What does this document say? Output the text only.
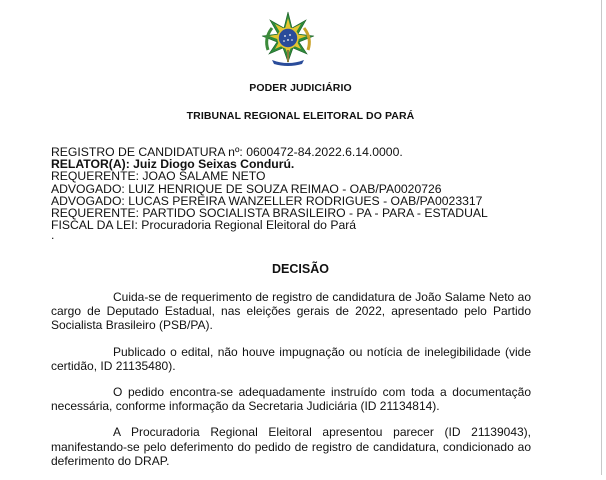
PODER JUDICIÁRIO
TRIBUNAL REGIONAL ELEITORAL DO PARÁ
REGISTRO DE CANDIDATURA nº: 0600472-84.2022.6.14.0000.
RELATOR(A): Juiz Diogo Seixas Condurú.
REQUERENTE: JOAO SALAME NETO
ADVOGADO: LUIZ HENRIQUE DE SOUZA REIMAO - OAB/PA0020726
ADVOGADO: LUCAS PEREIRA WANZELLER RODRIGUES - OAB/PA0023317
REQUERENTE: PARTIDO SOCIALISTA BRASILEIRO - PA - PARA - ESTADUAL
FISCAL DA LEI: Procuradoria Regional Eleitoral do Pará
.
DECISÃO

Cuida-se de requerimento de registro de candidatura de João Salame Neto ao cargo de Deputado Estadual, nas eleições gerais de 2022, apresentado pelo Partido Socialista Brasileiro (PSB/PA).

Publicado o edital, não houve impugnação ou notícia de inelegibilidade (vide certidão, ID 21135480).

O pedido encontra-se adequadamente instruído com toda a documentação necessária, conforme informação da Secretaria Judiciária (ID 21134814).

A Procuradoria Regional Eleitoral apresentou parecer (ID 21139043), manifestando-se pelo deferimento do pedido de registro de candidatura, condicionado ao deferimento do DRAP.
